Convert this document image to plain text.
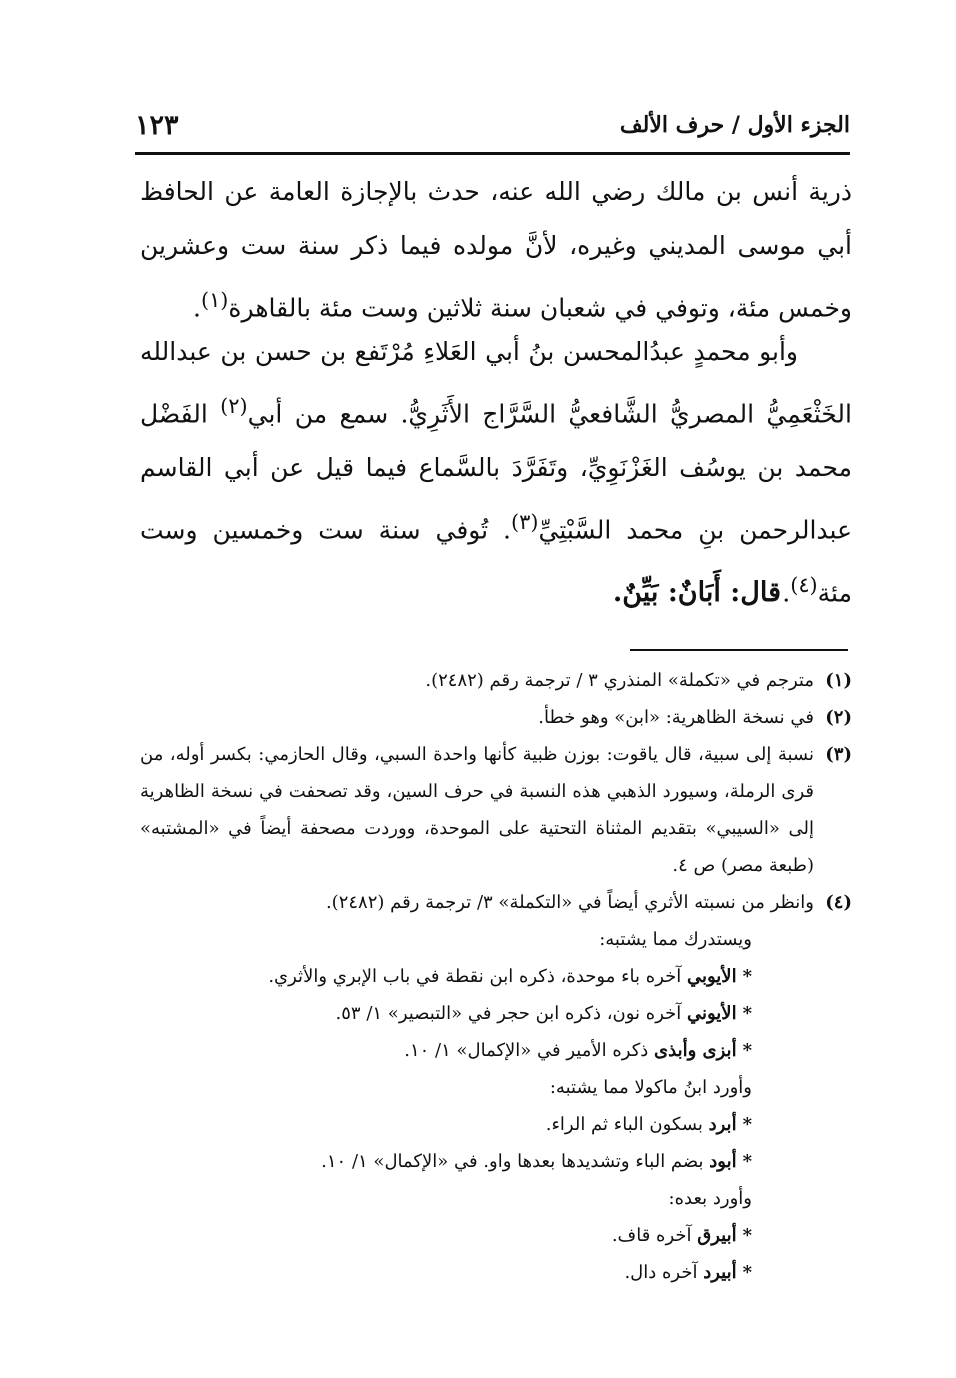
الجزء الأول / حرف الألف
١٢٣
ذرية أنس بن مالك رضي الله عنه، حدث بالإجازة العامة عن الحافظ أبي موسى المديني وغيره، لأنَّ مولده فيما ذكر سنة ست وعشرين وخمس مئة، وتوفي في شعبان سنة ثلاثين وست مئة بالقاهرة$^{(١)}$.
وأبو محمدٍ عبدُالمحسن بنُ أبي العَلاءِ مُرْتَفع بن حسن بن عبدالله الخَثْعَمِيُّ المصريُّ الشَّافعيُّ السَّرَّاج الأَثَرِيُّ. سمع من أبي$^{(٢)}$ الفَضْل محمد بن يوسُف الغَزْنَوِيِّ، وتَفَرَّدَ بالسَّماع فيما قيل عن أبي القاسم عبدالرحمن بنِ محمد السَّبْتِيِّ$^{(٣)}$. تُوفي سنة ست وخمسين وست مئة$^{(٤)}$.
قال: أَبَانٌ: بَيِّنٌ.
(١)
مترجم في «تكملة» المنذري ٣ / ترجمة رقم (٢٤٨٢).
(٢)
في نسخة الظاهرية: «ابن» وهو خطأ.
(٣)
نسبة إلى سبية، قال ياقوت: بوزن ظبية كأنها واحدة السبي، وقال الحازمي: بكسر أوله، من قرى الرملة، وسيورد الذهبي هذه النسبة في حرف السين، وقد تصحفت في نسخة الظاهرية إلى «السيبي» بتقديم المثناة التحتية على الموحدة، ووردت مصحفة أيضاً في «المشتبه» (طبعة مصر) ص ٤.
(٤)
وانظر من نسبته الأثري أيضاً في «التكملة» ٣/ ترجمة رقم (٢٤٨٢).
ويستدرك مما يشتبه:
*الأيوبي آخره باء موحدة، ذكره ابن نقطة في باب الإبري والأثري.
*الأيوني آخره نون، ذكره ابن حجر في «التبصير» ١/ ٥٣.
*أبزى وأبذى ذكره الأمير في «الإكمال» ١/ ١٠.
وأورد ابنُ ماكولا مما يشتبه:
*أبرد بسكون الباء ثم الراء.
*أبود بضم الباء وتشديدها بعدها واو. في «الإكمال» ١/ ١٠.
وأورد بعده:
*أبيرق آخره قاف.
*أبيرد آخره دال.
